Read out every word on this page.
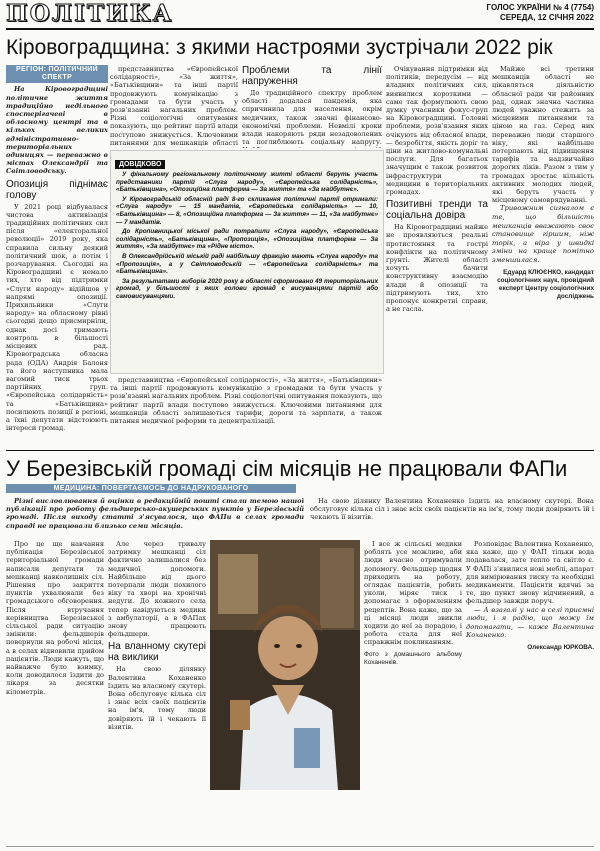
ПОЛІТИКА	ГОЛОС УКРАЇНИ № 4 (7754)
СЕРЕДА, 12 СІЧНЯ 2022
Кіровоградщина: з якими настроями зустрічали 2022 рік
РЕГІОН: ПОЛІТИЧНИЙ СПЕКТР

На Кіровоградщині політичне життя традиційно недільного спостерігачеві в обласному центрі та в кількох великих адміністративно-територіальних одиницях — переважно в містах Олександрії та Світловодську.

Опозиція піднімає голову

У 2021 році відбувалася чистова активізація традиційних політичних сил після «електоральної революції» 2019 року, яка справила сильну деякий політичний шок, а потім і розчарування. Сьогодні на Кіровоградщині є немало тих, хто від підтримки «Слуги народу» відійшов у напрямі опозиції. Прихильники «Слуги народу» на обласному рівні сьогодні дещо присмирніли, однак досі тримають контроль в більшості місцевих рад. Кіровоградська обласна рада (ОДА) Андрія Балоня та його наступника мала вагомий тиск трьох партійних груп. «Європейська солідарність» та «Батьківщина» посилюють позиції в регіоні, а їхні депутати відстоюють інтереси громад.

представництва «Європейської солідарності», «За життя», «Батьківщини» та інші партії продовжують комунікацію з громадами та бути участь у розв'язанні нагальних проблем. Різні соціологічні опитування показують, що рейтинг партії влади поступово знижується. Ключовими питаннями для мешканців області

Проблеми та лінії напруження

До традиційного спектру проблем області додалася пандемія, яка спричинила для населення, окрім медичних, також значні фінансово-економічні проблеми. Невмілі кроки влади накоряють ряди незадоволених та поглиблюють соціальну напругу.

ДОВІДКОВО

У фінальному регіональному політичному житті області беруть участь представники партій «Слуга народу», «Європейська солідарність», «Батьківщина», «Опозиційна платформа — За життя» та «За майбутнє».

У Кіровоградській обласній раді 8-го скликання політичні партії отримали: «Слуга народу» — 15 мандатів, «Європейська солідарність» — 10, «Батьківщина» — 8, «Опозиційна платформа — За життя» — 11, «За майбутнє» — 7 мандатів.

До Кропивницької міської ради потрапили «Слуга народу», «Європейська солідарність», «Батьківщина», «Пропозиція», «Опозиційна платформа — За життя», «За майбутнє» та «Рідне місто».

В Олександрійській міській раді найбільшу фракцію мають «Слуга народу» та «Пропозиція», а у Світловодській — «Європейська солідарність» та «Батьківщина».

За результатами виборів 2020 року в області сформовано 49 територіальних громад, у більшості з яких голови громад є висуванцями партій або самовисуванцями.

представництва «Європейської солідарності», «За життя», «Батьківщини» та інші партії продовжують комунікацію з громадами та бути участь у розв'язанні нагальних проблем. Різні соціологічні опитування показують, що рейтинг партії влади поступово знижується. Ключовими питаннями для мешканців області залишаються тарифи, дороги та зарплати, а також питання медичної реформи та децентралізації.

Очікування підтримки від політиків, передусім — від владних політичних сил, виявилися короткими — саме так формулюють свою думку учасники фокус-груп на Кіровоградщині. Головні проблеми, розв'язання яких очікують від обласної влади, — безробіття, якість доріг та ціни на житлово-комунальні послуги. Для багатьох значущим є також розвиток інфраструктури та медицини в територіальних громадах.

Позитивні тренди та соціальна довіра

На Кіровоградщині майже не проявляються реальні протистояння та гострі конфлікти на політичному ґрунті. Жителі області хочуть бачити конструктивну взаємодію влади й опозиції та підтримують тих, хто пропонує конкретні справи, а не гасла.

Майже всі третини мешканців області не цікавляться діяльністю обласної ради чи районних рад, однак значна частина людей уважно стежить за місцевими питаннями та ціною на газ. Серед них переважно люди старшого віку, які найбільше потерпають від підвищення тарифів та надзвичайно дорогих ліків. Разом з тим у громадах зростає кількість активних молодих людей, які беруть участь у місцевому самоврядуванні.

Тривожним сигналом є те, що більшість мешканців вважають своє становище гіршим, ніж торік, а віра у швидкі зміни на краще помітно зменшилася.

Едуард КЛЮЄНКО, кандидат соціологічних наук, провідний експерт Центру соціологічних досліджень
У Березівській громаді сім місяців не працювали ФАПи
МЕДИЦИНА: ПОВЕРТАЄМОСЬ ДО НАДРУКОВАНОГО

Різні висловлювання й оцінки в редакційній пошті стали темою нашої публікації про роботу фельдшерсько-акушерських пунктів у Березівській громаді. Після виходу статті з'ясувалося, що ФАПи в селах громади справді не працювали близько семи місяців.

Про це ще навчання публікація Березівської територіальної громади написали депутати та мешканці навколишніх сіл. Рішення про закриття пунктів ухвалювали без громадського обговорення. Після втручання керівництва Березівської сільської ради ситуацію змінили: фельдшерів повернули на робочі місця, а в селах відновили прийом пацієнтів. Люди кажуть, що найважче було взимку, коли доводилося їздити до лікаря за десятки кілометрів.

Але через тривалу затримку мешканці сіл фактично залишалися без медичної допомоги. Найбільше від цього потерпали люди похилого віку та хворі на хронічні недуги. До кожного села тепер навідуються медики з амбулаторії, а в ФАПах знову працюють фельдшери.

На вланному скутері на виклики

На свою ділянку Валентина Коханенко їздить на власному скутері. Вона обслуговує кілька сіл і знає всіх своїх пацієнтів на ім'я, тому люди довіряють їй і чекають її візитів.

І все ж сільські медики роблять усе можливе, аби люди вчасно отримували допомогу. Фельдшер щодня приходить на роботу, оглядає пацієнтів, робить уколи, міряє тиск і допомагає з оформленням рецептів. Вона каже, що за ці місяці люди звикли ходити до неї за порадою, і робота стала для неї справжнім покликанням.

Фото з домашнього альбому Коханенків.

На свою ділянку Валентина Коханенко їздить на власному скутері. Вона обслуговує кілька сіл і знає всіх своїх пацієнтів на ім'я, тому люди довіряють їй і чекають її візитів.

Розповідає Валентина Коханенко, яка каже, що у ФАП тільки вода подавалася, зате тепло та світло є. У ФАПі з'явилися нові меблі, апарат для вимірювання тиску та необхідні медикаменти. Пацієнти вдячні за те, що пункт знову відчинений, а фельдшер завжди поруч.

— А взагалі у нас в селі приємні люди, і я радію, що можу їм допомагати, — каже Валентина Коханенко.

Олександр ЮРКОВА.
